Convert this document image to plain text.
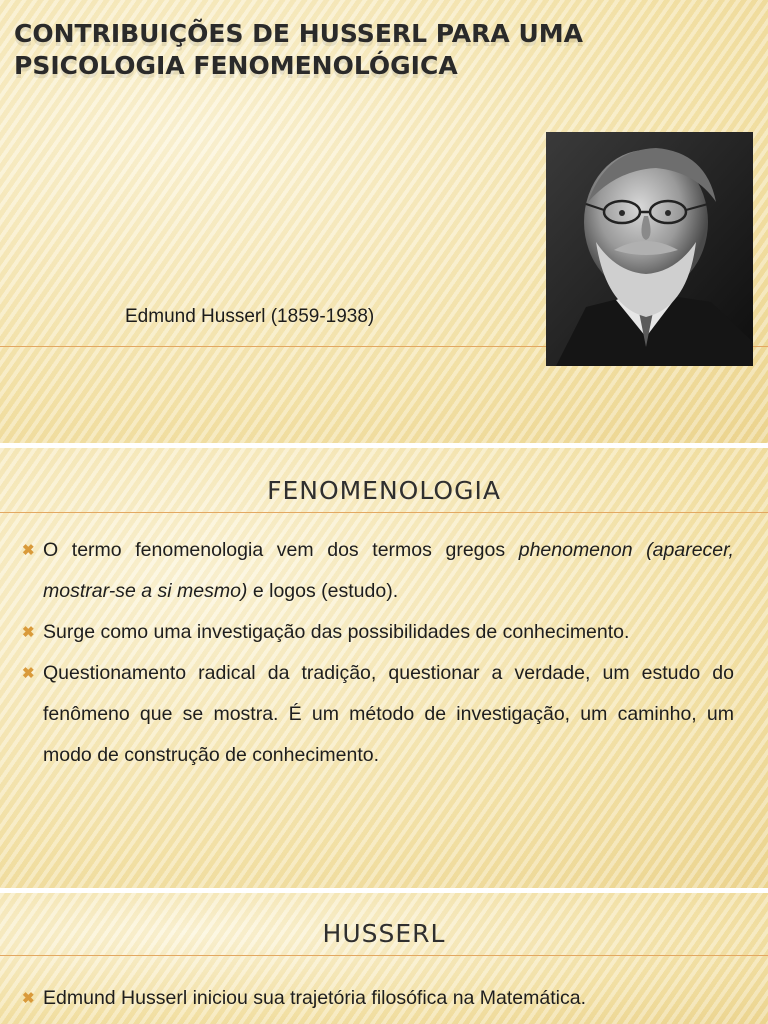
CONTRIBUIÇÕES DE HUSSERL PARA UMA PSICOLOGIA FENOMENOLÓGICA
Edmund Husserl (1859-1938)
FENOMENOLOGIA
✖ O termo fenomenologia vem dos termos gregos phenomenon (aparecer, mostrar-se a si mesmo) e logos (estudo).
✖ Surge como uma investigação das possibilidades de conhecimento.
✖ Questionamento radical da tradição, questionar a verdade, um estudo do fenômeno que se mostra. É um método de investigação, um caminho, um modo de construção de conhecimento.
HUSSERL
✖ Edmund Husserl iniciou sua trajetória filosófica na Matemática.
